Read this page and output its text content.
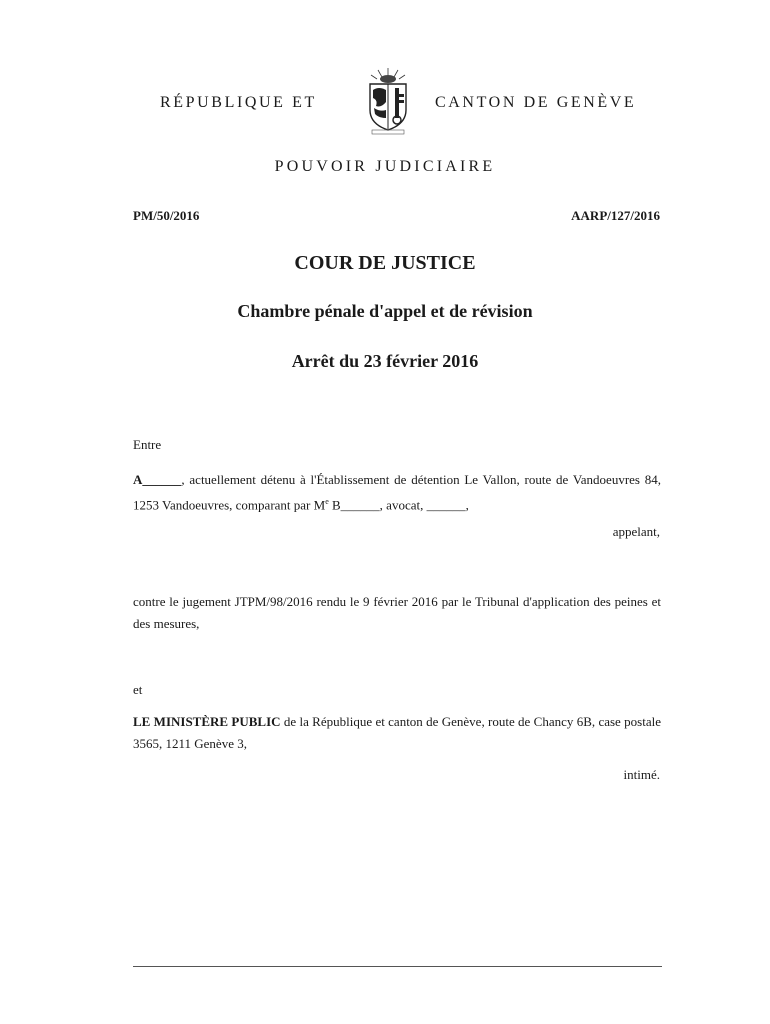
RÉPUBLIQUE ET	CANTON DE GENÈVE
POUVOIR JUDICIAIRE
PM/50/2016	AARP/127/2016
COUR DE JUSTICE
Chambre pénale d'appel et de révision
Arrêt du 23 février 2016
Entre
A______, actuellement détenu à l'Établissement de détention Le Vallon, route de Vandoeuvres 84, 1253 Vandoeuvres, comparant par Me B______, avocat, ______,
appelant,
contre le jugement JTPM/98/2016 rendu le 9 février 2016 par le Tribunal d'application des peines et des mesures,
et
LE MINISTÈRE PUBLIC de la République et canton de Genève, route de Chancy 6B, case postale 3565, 1211 Genève 3,
intimé.
